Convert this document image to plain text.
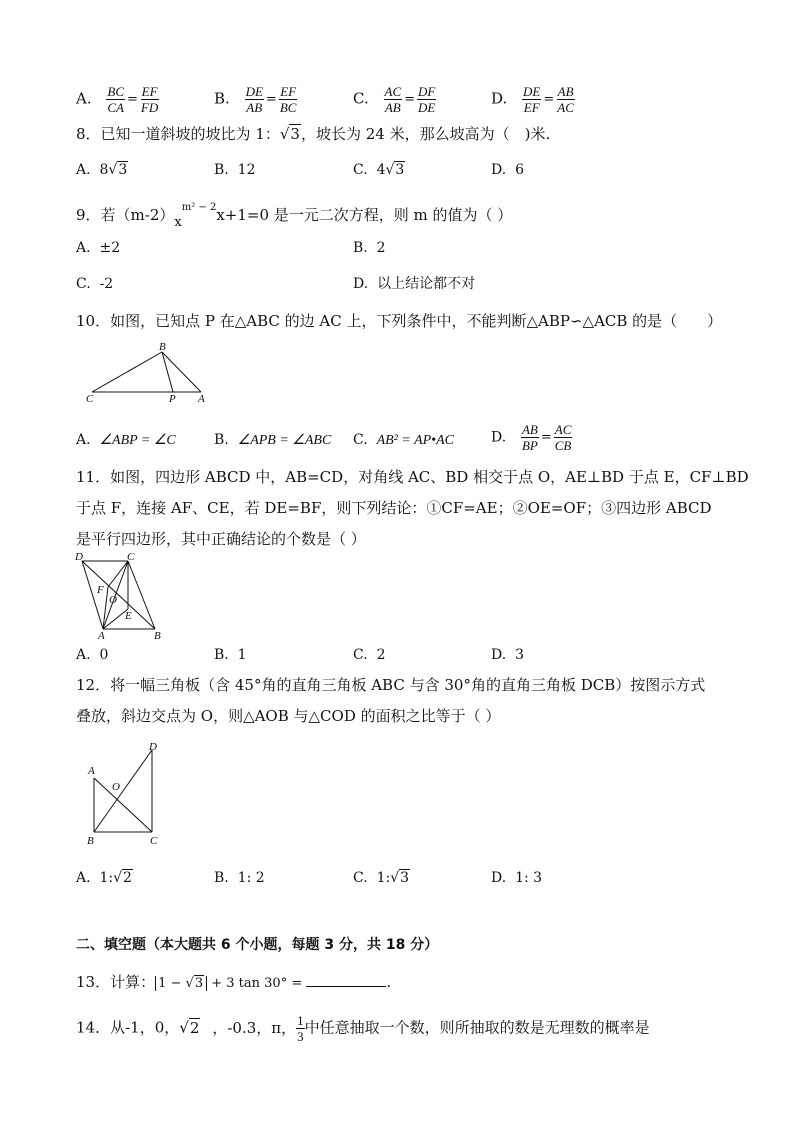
A. $\frac{BC}{CA} = \frac{EF}{FD}$	B. $\frac{DE}{AB} = \frac{EF}{BC}$	C. $\frac{AC}{AB} = \frac{DF}{DE}$	D. $\frac{DE}{EF} = \frac{AB}{AC}$
8．已知一道斜坡的坡比为 1：√3，坡长为 24 米，那么坡高为（　)米.
A. 8√3	B. 12	C. 4√3	D. 6
9．若$(m-2)x^{m^2 - 2}x+1=0$ 是一元二次方程，则 m 的值为（ ）
A. ±2	B. 2
C. -2	D. 以上结论都不对
10．如图，已知点 P 在△ABC 的边 AC 上，下列条件中，不能判断△ABP∽△ACB 的是（　　）
B
C	P A
A. ∠ABP = ∠C	B. ∠APB = ∠ABC C. AB² = AP•AC	D. $\frac{AB}{BP} = \frac{AC}{CB}$
11．如图，四边形 ABCD 中，AB=CD，对角线 AC、BD 相交于点 O，AE⊥BD 于点 E，CF⊥BD
于点 F，连接 AF、CE，若 DE=BF，则下列结论：①CF=AE；②OE=OF；③四边形 ABCD
是平行四边形，其中正确结论的个数是（ ）
D	C
F
O
E
A	B
A. 0	B. 1	C. 2	D. 3
12．将一幅三角板（含 45°角的直角三角板 ABC 与含 30°角的直角三角板 DCB）按图示方式
叠放，斜边交点为 O，则△AOB 与△COD 的面积之比等于（ ）
D
A
O
B	C
A. 1:√2	B. 1: 2	C. 1:√3	D. 1: 3
二、填空题（本大题共 6 个小题，每题 3 分，共 18 分）
13．计算： 1 − √3 + 3 tan 30° =	.
14．从-1，0，√2 ，-0.3，π， $\frac{1}{3}$ 中任意抽取一个数，则所抽取的数是无理数的概率是
